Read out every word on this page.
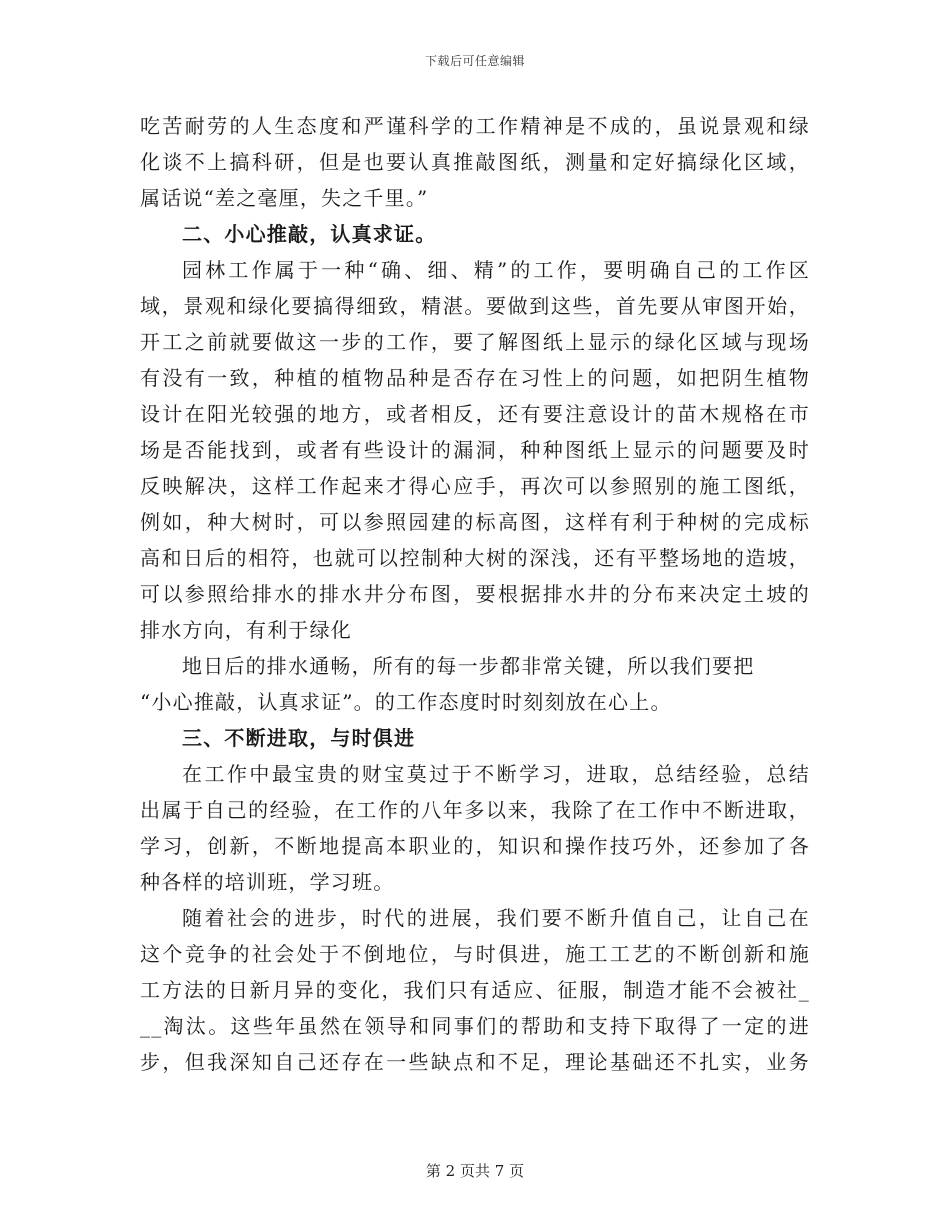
下载后可任意编辑
吃苦耐劳的人生态度和严谨科学的工作精神是不成的，虽说景观和绿
化谈不上搞科研，但是也要认真推敲图纸，测量和定好搞绿化区域，
属话说“差之毫厘，失之千里。”
二、小心推敲，认真求证。
园林工作属于一种“确、细、精”的工作，要明确自己的工作区
域，景观和绿化要搞得细致，精湛。要做到这些，首先要从审图开始，
开工之前就要做这一步的工作，要了解图纸上显示的绿化区域与现场
有没有一致，种植的植物品种是否存在习性上的问题，如把阴生植物
设计在阳光较强的地方，或者相反，还有要注意设计的苗木规格在市
场是否能找到，或者有些设计的漏洞，种种图纸上显示的问题要及时
反映解决，这样工作起来才得心应手，再次可以参照别的施工图纸，
例如，种大树时，可以参照园建的标高图，这样有利于种树的完成标
高和日后的相符，也就可以控制种大树的深浅，还有平整场地的造坡，
可以参照给排水的排水井分布图，要根据排水井的分布来决定土坡的
排水方向，有利于绿化
地日后的排水通畅，所有的每一步都非常关键，所以我们要把
“小心推敲，认真求证”。的工作态度时时刻刻放在心上。
三、不断进取，与时俱进
在工作中最宝贵的财宝莫过于不断学习，进取，总结经验，总结
出属于自己的经验，在工作的八年多以来，我除了在工作中不断进取，
学习，创新，不断地提高本职业的，知识和操作技巧外，还参加了各
种各样的培训班，学习班。
随着社会的进步，时代的进展，我们要不断升值自己，让自己在
这个竞争的社会处于不倒地位，与时俱进，施工工艺的不断创新和施
工方法的日新月异的变化，我们只有适应、征服，制造才能不会被社_
__淘汰。这些年虽然在领导和同事们的帮助和支持下取得了一定的进
步，但我深知自己还存在一些缺点和不足，理论基础还不扎实，业务
第 2 页共 7 页
